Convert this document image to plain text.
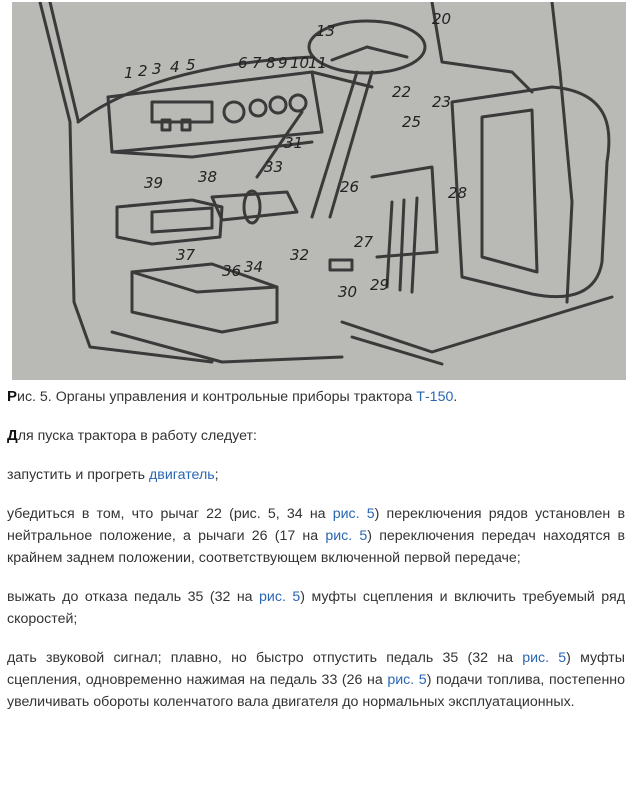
1 2 3 4 5	6 7 8 9 10
11
13
20
22
23
25
26
27
28
29
30
31
32
33
34
36
37
38
39

Рис. 5. Органы управления и контрольные приборы трактора Т-150.

Для пуска трактора в работу следует:

запустить и прогреть двигатель;

убедиться в том, что рычаг 22 (рис. 5, 34 на рис. 5) переключения рядов установлен в нейтральное положение, а рычаги 26 (17 на рис. 5) переключения передач находятся в крайнем заднем положении, соответствующем включенной первой передаче;

выжать до отказа педаль 35 (32 на рис. 5) муфты сцепления и включить требуемый ряд скоростей;

дать звуковой сигнал; плавно, но быстро отпустить педаль 35 (32 на рис. 5) муфты сцепления, одновременно нажимая на педаль 33 (26 на рис. 5) подачи топлива, постепенно увеличивать обороты коленчатого вала двигателя до нормальных эксплуатационных.
